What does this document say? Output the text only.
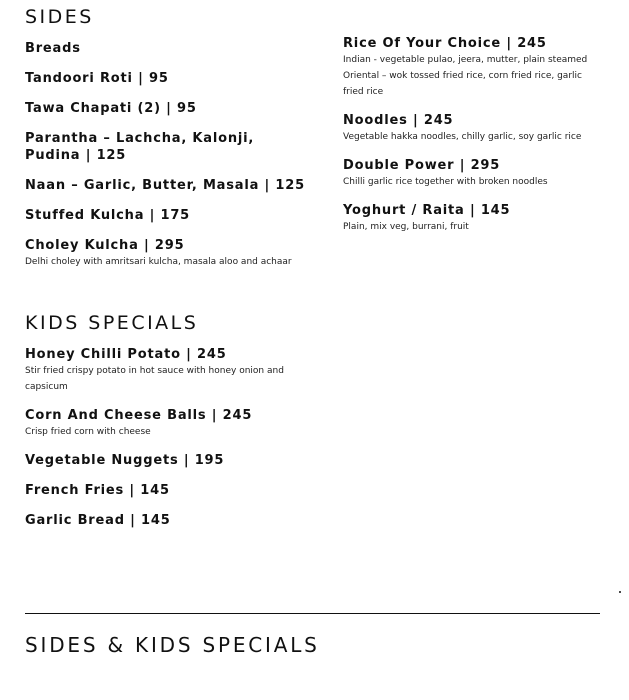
SIDES
Breads
Tandoori Roti | 95
Tawa Chapati (2) | 95
Parantha – Lachcha, Kalonji, Pudina | 125
Naan – Garlic, Butter, Masala | 125
Stuffed Kulcha | 175
Choley Kulcha | 295
Delhi choley with amritsari kulcha, masala aloo and achaar
Rice Of Your Choice | 245
Indian - vegetable pulao, jeera, mutter, plain steamed Oriental – wok tossed fried rice, corn fried rice, garlic fried rice
Noodles | 245
Vegetable hakka noodles, chilly garlic, soy garlic rice
Double Power | 295
Chilli garlic rice together with broken noodles
Yoghurt / Raita | 145
Plain, mix veg, burrani, fruit
KIDS SPECIALS
Honey Chilli Potato | 245
Stir fried crispy potato in hot sauce with honey onion and capsicum
Corn And Cheese Balls | 245
Crisp fried corn with cheese
Vegetable Nuggets | 195
French Fries | 145
Garlic Bread | 145
SIDES & KIDS SPECIALS
